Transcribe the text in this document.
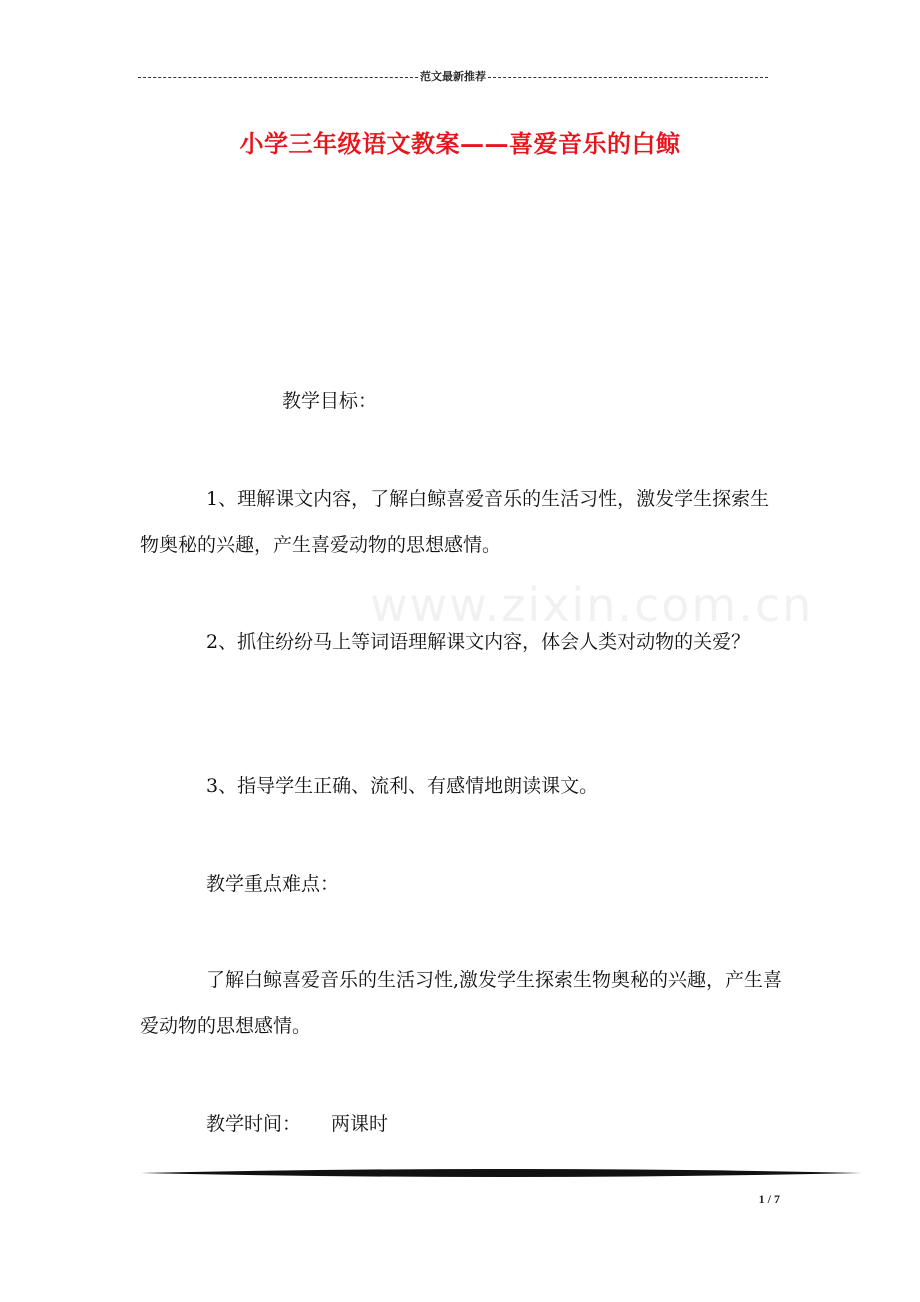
范文最新推荐
小学三年级语文教案——喜爱音乐的白鲸
www.zixin.com.cn

教学目标：

1、理解课文内容，了解白鲸喜爱音乐的生活习性，激发学生探索生物奥秘的兴趣，产生喜爱动物的思想感情。

2、抓住纷纷马上等词语理解课文内容，体会人类对动物的关爱？

3、指导学生正确、流利、有感情地朗读课文。

教学重点难点：

了解白鲸喜爱音乐的生活习性,激发学生探索生物奥秘的兴趣，产生喜爱动物的思想感情。

教学时间： 两课时

1 / 7
